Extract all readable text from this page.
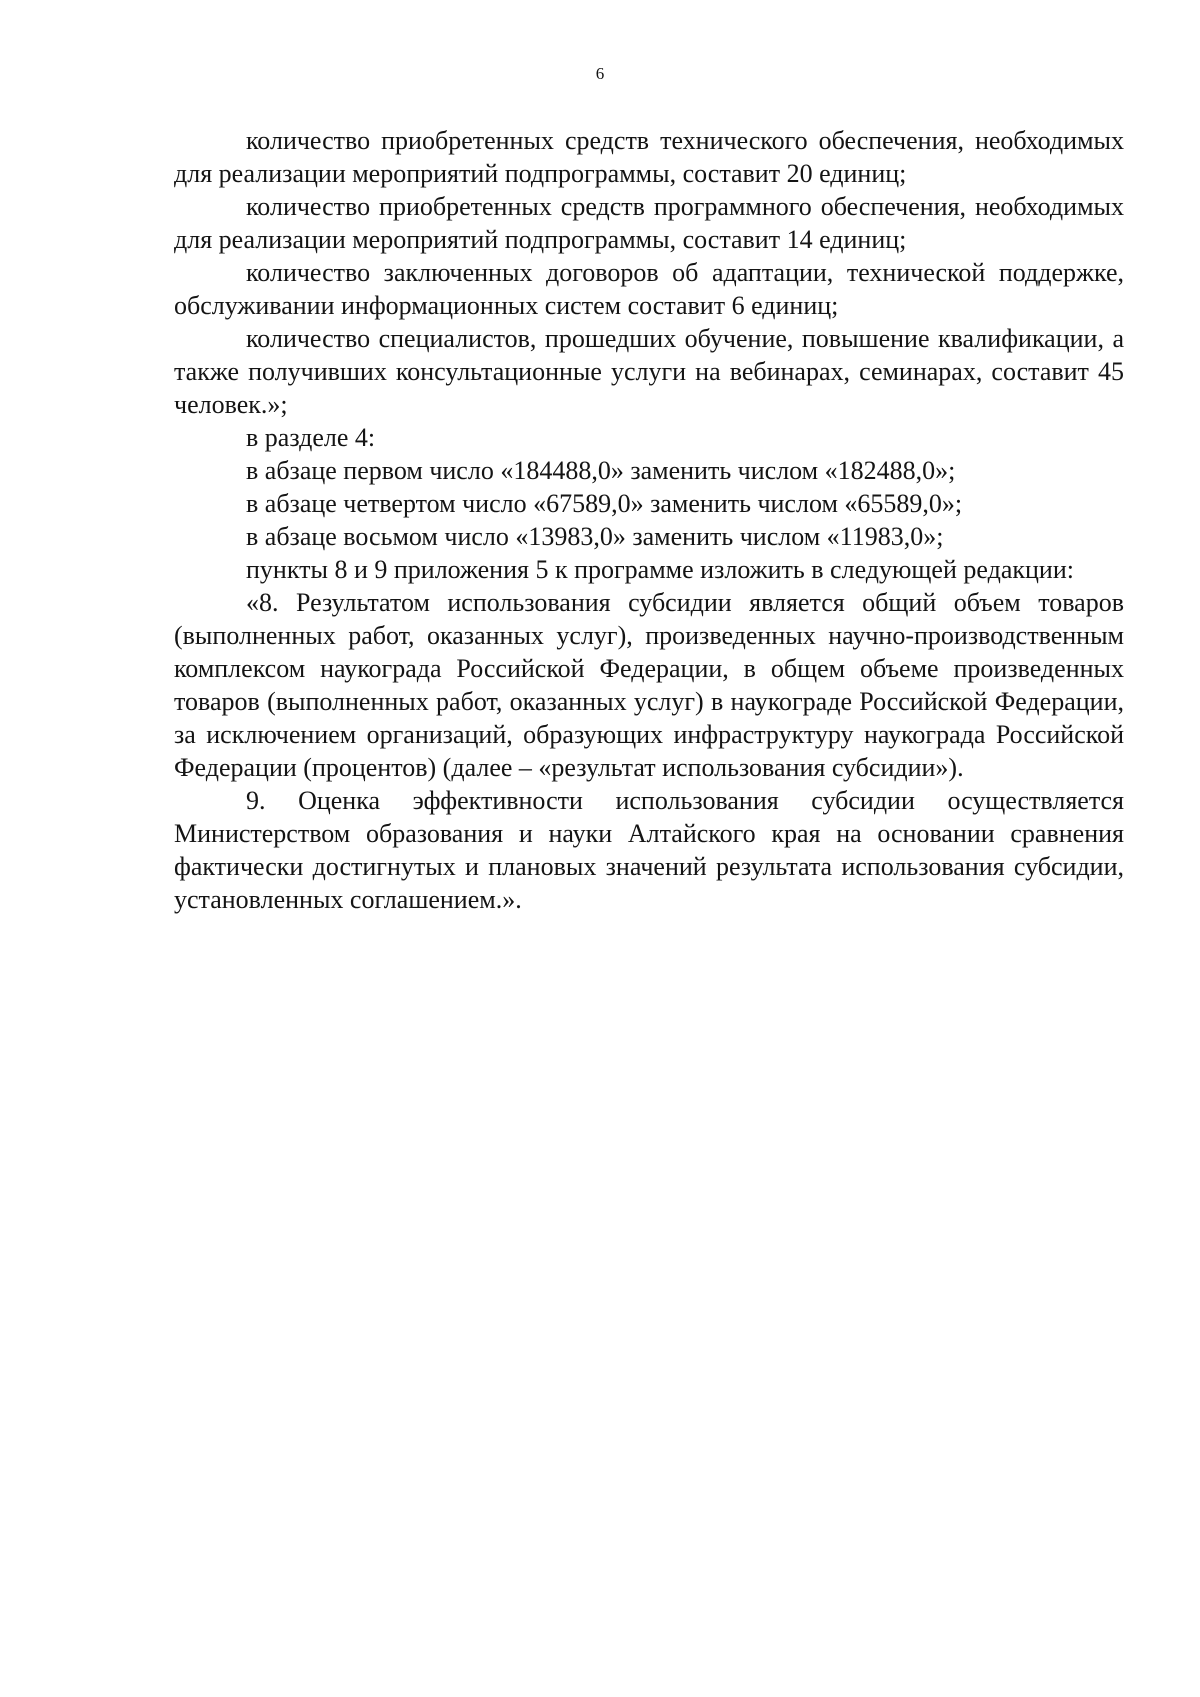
6

количество приобретенных средств технического обеспечения, необходимых для реализации мероприятий подпрограммы, составит 20 единиц;

количество приобретенных средств программного обеспечения, необходимых для реализации мероприятий подпрограммы, составит 14 единиц;

количество заключенных договоров об адаптации, технической поддержке, обслуживании информационных систем составит 6 единиц;

количество специалистов, прошедших обучение, повышение квалификации, а также получивших консультационные услуги на вебинарах, семинарах, составит 45 человек.»;

в разделе 4:

в абзаце первом число «184488,0» заменить числом «182488,0»;

в абзаце четвертом число «67589,0» заменить числом «65589,0»;

в абзаце восьмом число «13983,0» заменить числом «11983,0»;

пункты 8 и 9 приложения 5 к программе изложить в следующей редакции:

«8. Результатом использования субсидии является общий объем товаров (выполненных работ, оказанных услуг), произведенных научно-производственным комплексом наукограда Российской Федерации, в общем объеме произведенных товаров (выполненных работ, оказанных услуг) в наукограде Российской Федерации, за исключением организаций, образующих инфраструктуру наукограда Российской Федерации (процентов) (далее – «результат использования субсидии»).

9. Оценка эффективности использования субсидии осуществляется Министерством образования и науки Алтайского края на основании сравнения фактически достигнутых и плановых значений результата использования субсидии, установленных соглашением.».
